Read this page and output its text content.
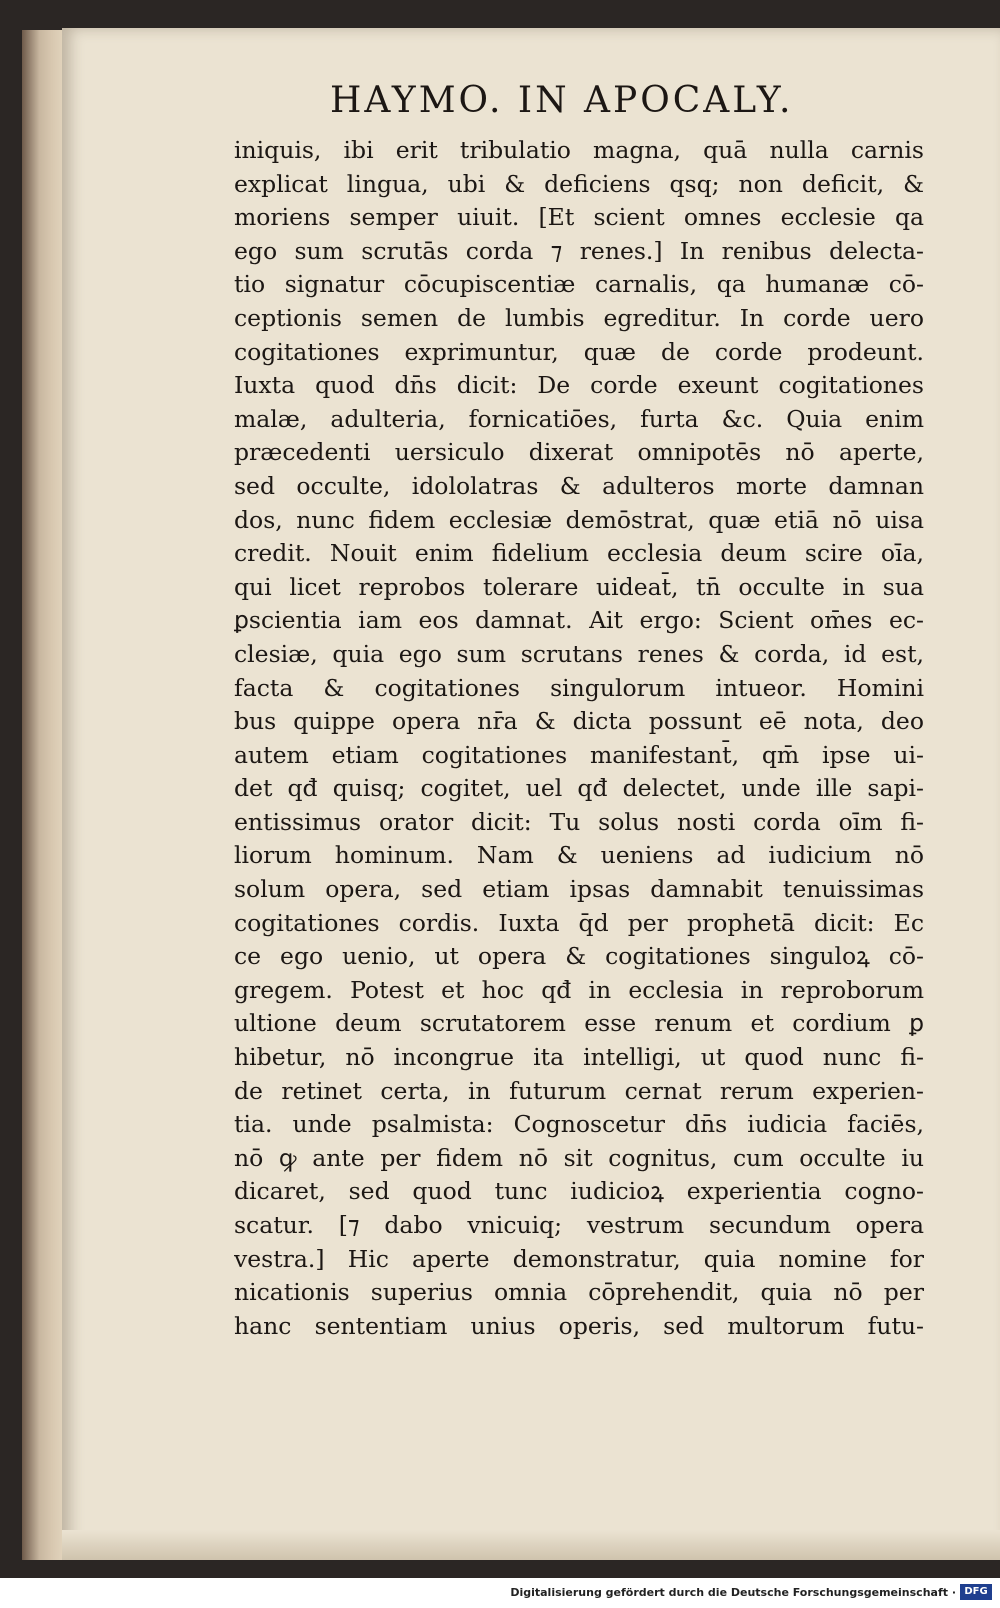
HAYMO. IN APOCALY.
iniquis, ibi erit tribulatio magna, quā nulla carnis
explicat lingua, ubi & deficiens qsq; non deficit, &
moriens semper uiuit. [Et scient omnes ecclesie qa
ego sum scrutās corda ⁊ renes.] In renibus delecta-
tio signatur cōcupiscentiæ carnalis, qa humanæ cō-
ceptionis semen de lumbis egreditur. In corde uero
cogitationes exprimuntur, quæ de corde prodeunt.
Iuxta quod dn̄s dicit: De corde exeunt cogitationes
malæ, adulteria, fornicatiōes, furta &c. Quia enim
præcedenti uersiculo dixerat omnipotēs nō aperte,
sed occulte, idololatras & adulteros morte damnan
dos, nunc fidem ecclesiæ demōstrat, quæ etiā nō uisa
credit. Nouit enim fidelium ecclesia deum scire oīa,
qui licet reprobos tolerare uideat̄, tn̄ occulte in sua
ꝑscientia iam eos damnat. Ait ergo: Scient om̄es ec-
clesiæ, quia ego sum scrutans renes & corda, id est,
facta & cogitationes singulorum intueor. Homini
bus quippe opera nr̄a & dicta possunt eē nota, deo
autem etiam cogitationes manifestant̄, qm̄ ipse ui-
det qđ quisq; cogitet, uel qđ delectet, unde ille sapi-
entissimus orator dicit: Tu solus nosti corda oīm fi-
liorum hominum. Nam & ueniens ad iudicium nō
solum opera, sed etiam ipsas damnabit tenuissimas
cogitationes cordis. Iuxta q̄d per prophetā dicit: Ec
ce ego uenio, ut opera & cogitationes singuloꝝ cō-
gregem. Potest et hoc qđ in ecclesia in reproborum
ultione deum scrutatorem esse renum et cordium ꝑ
hibetur, nō incongrue ita intelligi, ut quod nunc fi-
de retinet certa, in futurum cernat rerum experien-
tia. unde psalmista: Cognoscetur dn̄s iudicia faciēs,
nō ꝙ ante per fidem nō sit cognitus, cum occulte iu
dicaret, sed quod tunc iudicioꝝ experientia cogno-
scatur. [⁊ dabo vnicuiq; vestrum secundum opera
vestra.] Hic aperte demonstratur, quia nomine for
nicationis superius omnia cōprehendit, quia nō per
hanc sententiam unius operis, sed multorum futu-
Digitalisierung gefördert durch die Deutsche Forschungsgemeinschaft · DFG
